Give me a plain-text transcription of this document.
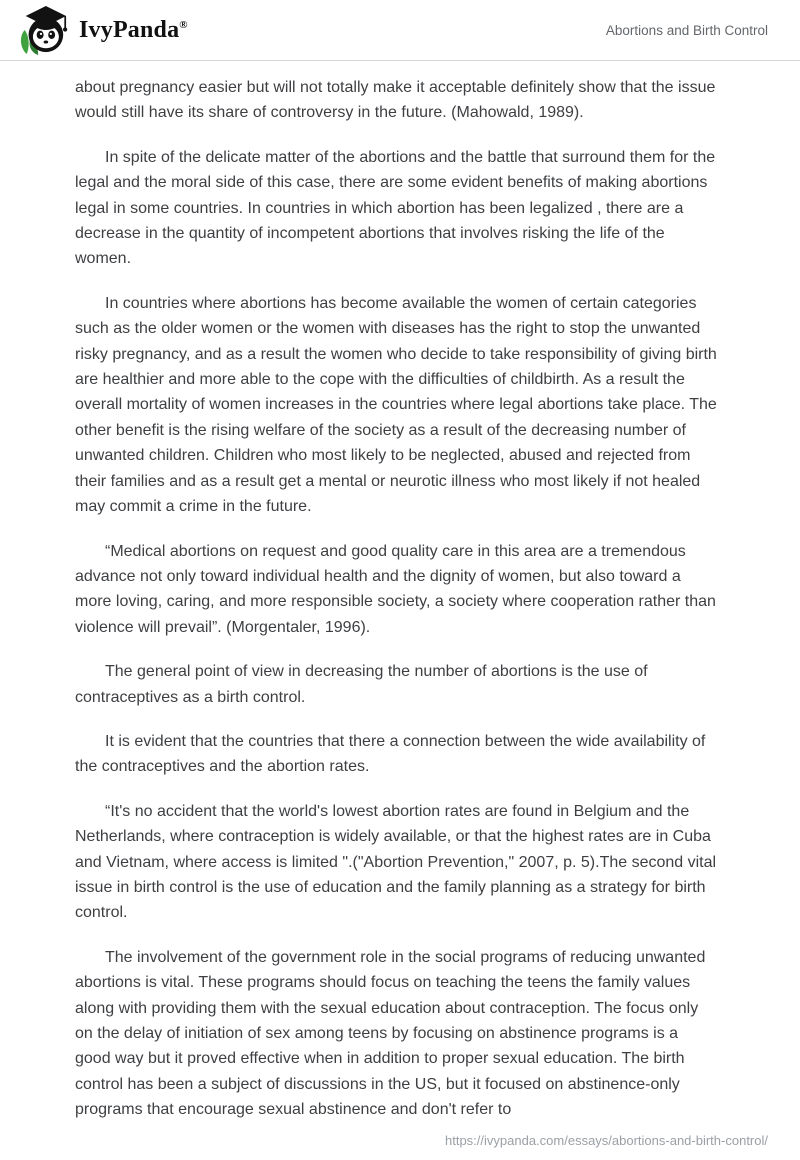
IvyPanda®	Abortions and Birth Control

about pregnancy easier but will not totally make it acceptable definitely show that the issue would still have its share of controversy in the future. (Mahowald, 1989).

In spite of the delicate matter of the abortions and the battle that surround them for the legal and the moral side of this case, there are some evident benefits of making abortions legal in some countries. In countries in which abortion has been legalized , there are a decrease in the quantity of incompetent abortions that involves risking the life of the women.

In countries where abortions has become available the women of certain categories such as the older women or the women with diseases has the right to stop the unwanted risky pregnancy, and as a result the women who decide to take responsibility of giving birth are healthier and more able to the cope with the difficulties of childbirth. As a result the overall mortality of women increases in the countries where legal abortions take place. The other benefit is the rising welfare of the society as a result of the decreasing number of unwanted children. Children who most likely to be neglected, abused and rejected from their families and as a result get a mental or neurotic illness who most likely if not healed may commit a crime in the future.

“Medical abortions on request and good quality care in this area are a tremendous advance not only toward individual health and the dignity of women, but also toward a more loving, caring, and more responsible society, a society where cooperation rather than violence will prevail”. (Morgentaler, 1996).

The general point of view in decreasing the number of abortions is the use of contraceptives as a birth control.

It is evident that the countries that there a connection between the wide availability of the contraceptives and the abortion rates.

“It's no accident that the world's lowest abortion rates are found in Belgium and the Netherlands, where contraception is widely available, or that the highest rates are in Cuba and Vietnam, where access is limited ".("Abortion Prevention," 2007, p. 5).The second vital issue in birth control is the use of education and the family planning as a strategy for birth control.

The involvement of the government role in the social programs of reducing unwanted abortions is vital. These programs should focus on teaching the teens the family values along with providing them with the sexual education about contraception. The focus only on the delay of initiation of sex among teens by focusing on abstinence programs is a good way but it proved effective when in addition to proper sexual education. The birth control has been a subject of discussions in the US, but it focused on abstinence-only programs that encourage sexual abstinence and don't refer to

https://ivypanda.com/essays/abortions-and-birth-control/
